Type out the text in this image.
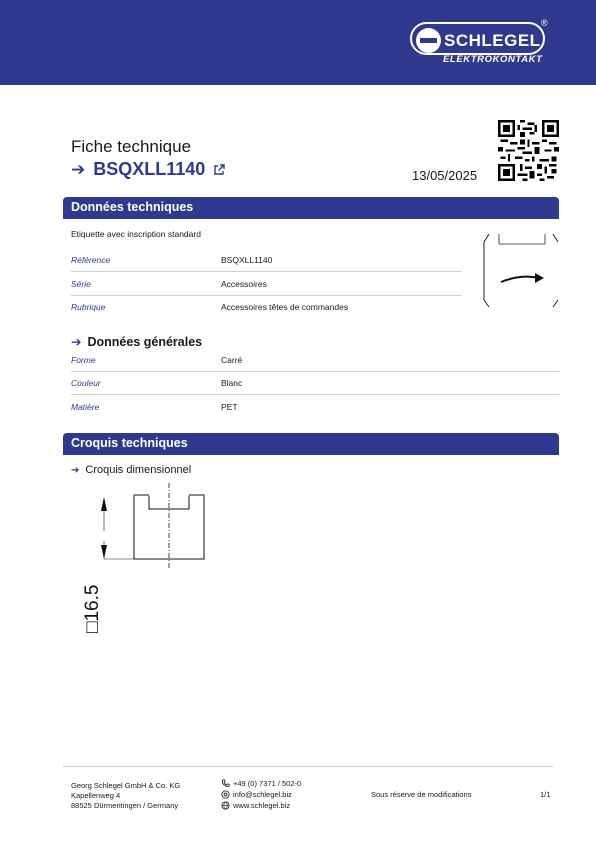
SCHLEGEL
®
ELEKTROKONTAKT
Fiche technique
➔ BSQXLL1140	13/05/2025
Données techniques
Etiquette avec inscription standard
Référence	BSQXLL1140
Série	Accessoires
Rubrique	Accessoires têtes de commandes
➔ Données générales
Forme	Carré
Couleur	Blanc
Matière	PET
Croquis techniques
➔ Croquis dimensionnel
□16.5
Georg Schlegel GmbH & Co. KG
Kapellenweg 4
88525 Dürmentingen / Germany
+49 (0) 7371 / 502-0
info@schlegel.biz
www.schlegel.biz
Sous réserve de modifications	1/1
